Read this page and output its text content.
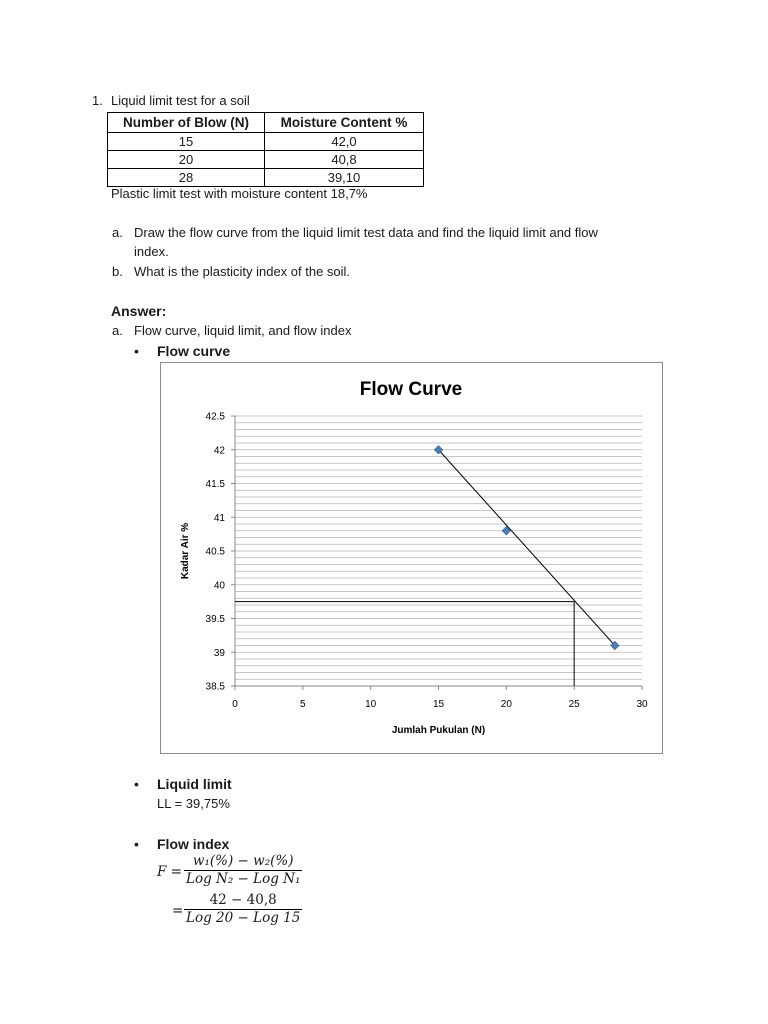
1. Liquid limit test for a soil
Number of Blow (N)	Moisture Content %
15	42,0
20	40,8
28	39,10
Plastic limit test with moisture content 18,7%
a. Draw the flow curve from the liquid limit test data and find the liquid limit and flow
index.
b. What is the plasticity index of the soil.
Answer:
a. Flow curve, liquid limit, and flow index
• Flow curve
Flow Curve
38.5
39
39.5
40
40.5
41
41.5
42
42.5
0	5	10	15	20	25	30
Jumlah Pukulan (N)
Kadar Air %
• Liquid limit
LL = 39,75%
• Flow index
F =
w₁(%) − w₂(%)
Log N₂ − Log N₁
=
42 − 40,8
Log 20 − Log 15
